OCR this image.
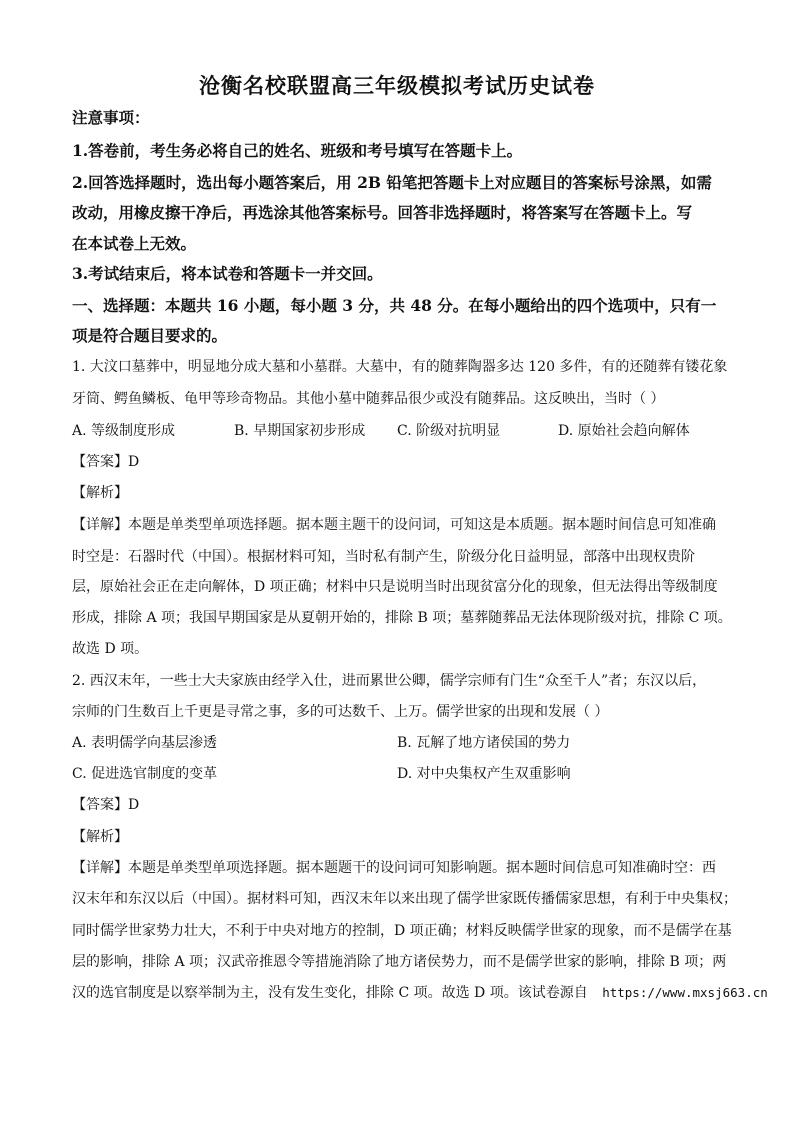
沧衡名校联盟高三年级模拟考试历史试卷
注意事项：
1.答卷前，考生务必将自己的姓名、班级和考号填写在答题卡上。
2.回答选择题时，选出每小题答案后，用 2B 铅笔把答题卡上对应题目的答案标号涂黑，如需
改动，用橡皮擦干净后，再选涂其他答案标号。回答非选择题时，将答案写在答题卡上。写
在本试卷上无效。
3.考试结束后，将本试卷和答题卡一并交回。
一、选择题：本题共 16 小题，每小题 3 分，共 48 分。在每小题给出的四个选项中，只有一
项是符合题目要求的。
1. 大汶口墓葬中，明显地分成大墓和小墓群。大墓中，有的随葬陶器多达 120 多件，有的还随葬有镂花象
牙筒、鳄鱼鳞板、龟甲等珍奇物品。其他小墓中随葬品很少或没有随葬品。这反映出，当时（ ）
A. 等级制度形成	B. 早期国家初步形成 C. 阶级对抗明显	D. 原始社会趋向解体
【答案】D
【解析】
【详解】本题是单类型单项选择题。据本题主题干的设问词，可知这是本质题。据本题时间信息可知准确
时空是：石器时代（中国）。根据材料可知，当时私有制产生，阶级分化日益明显，部落中出现权贵阶
层，原始社会正在走向解体，D 项正确；材料中只是说明当时出现贫富分化的现象，但无法得出等级制度
形成，排除 A 项；我国早期国家是从夏朝开始的，排除 B 项；墓葬随葬品无法体现阶级对抗，排除 C 项。
故选 D 项。
2. 西汉末年，一些士大夫家族由经学入仕，进而累世公卿，儒学宗师有门生“众至千人”者；东汉以后，
宗师的门生数百上千更是寻常之事，多的可达数千、上万。儒学世家的出现和发展（ ）
A. 表明儒学向基层渗透	B. 瓦解了地方诸侯国的势力
C. 促进选官制度的变革	D. 对中央集权产生双重影响
【答案】D
【解析】
【详解】本题是单类型单项选择题。据本题题干的设问词可知影响题。据本题时间信息可知准确时空：西
汉末年和东汉以后（中国）。据材料可知，西汉末年以来出现了儒学世家既传播儒家思想，有利于中央集权；
同时儒学世家势力壮大，不利于中央对地方的控制，D 项正确；材料反映儒学世家的现象，而不是儒学在基
层的影响，排除 A 项；汉武帝推恩令等措施消除了地方诸侯势力，而不是儒学世家的影响，排除 B 项；两
汉的选官制度是以察举制为主，没有发生变化，排除 C 项。故选 D 项。该试卷源自 https://www.mxsj663.cn
